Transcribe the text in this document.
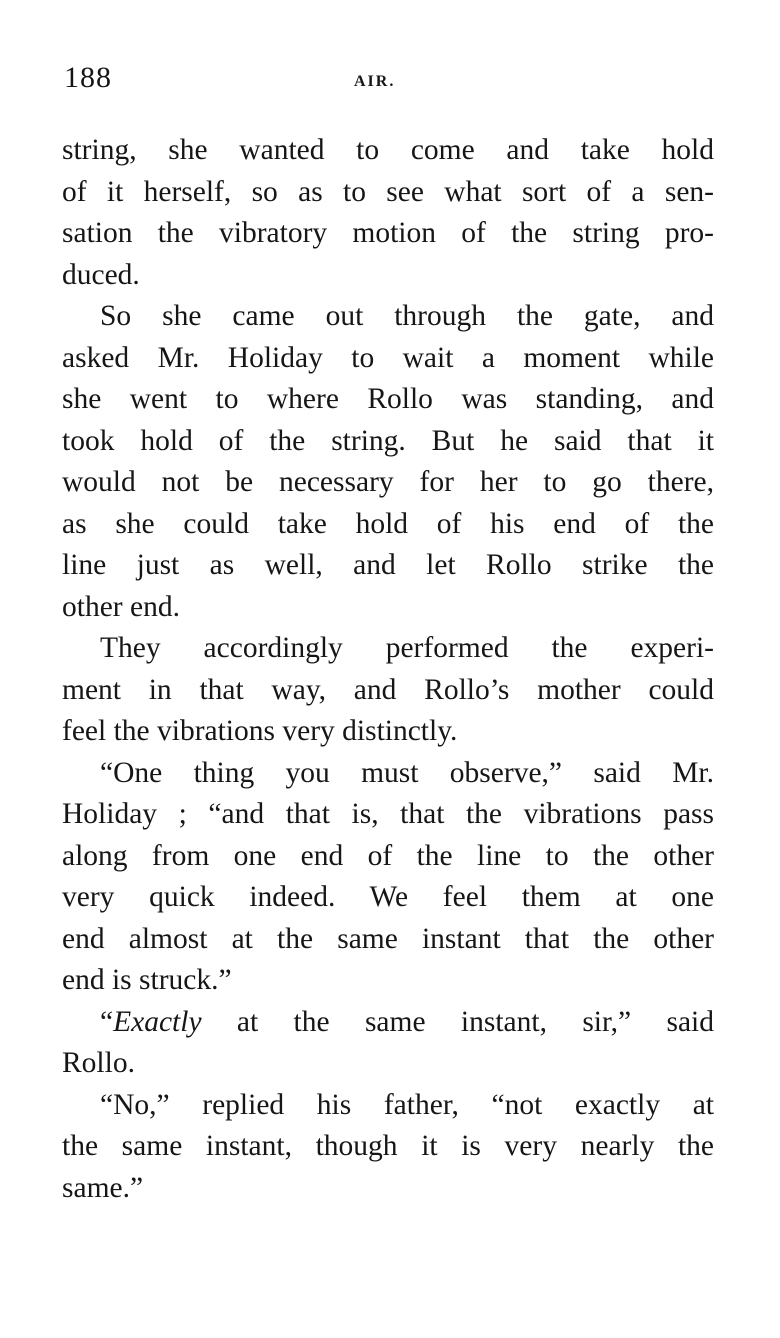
188	AIR.
string, she wanted to come and take hold
of it herself, so as to see what sort of a sen-
sation the vibratory motion of the string pro-
duced.
So she came out through the gate, and
asked Mr. Holiday to wait a moment while
she went to where Rollo was standing, and
took hold of the string. But he said that it
would not be necessary for her to go there,
as she could take hold of his end of the
line just as well, and let Rollo strike the
other end.
They accordingly performed the experi-
ment in that way, and Rollo’s mother could
feel the vibrations very distinctly.
“One thing you must observe,” said Mr.
Holiday ; “and that is, that the vibrations pass
along from one end of the line to the other
very quick indeed. We feel them at one
end almost at the same instant that the other
end is struck.”
“Exactly at the same instant, sir,” said
Rollo.
“No,” replied his father, “not exactly at
the same instant, though it is very nearly the
same.”
